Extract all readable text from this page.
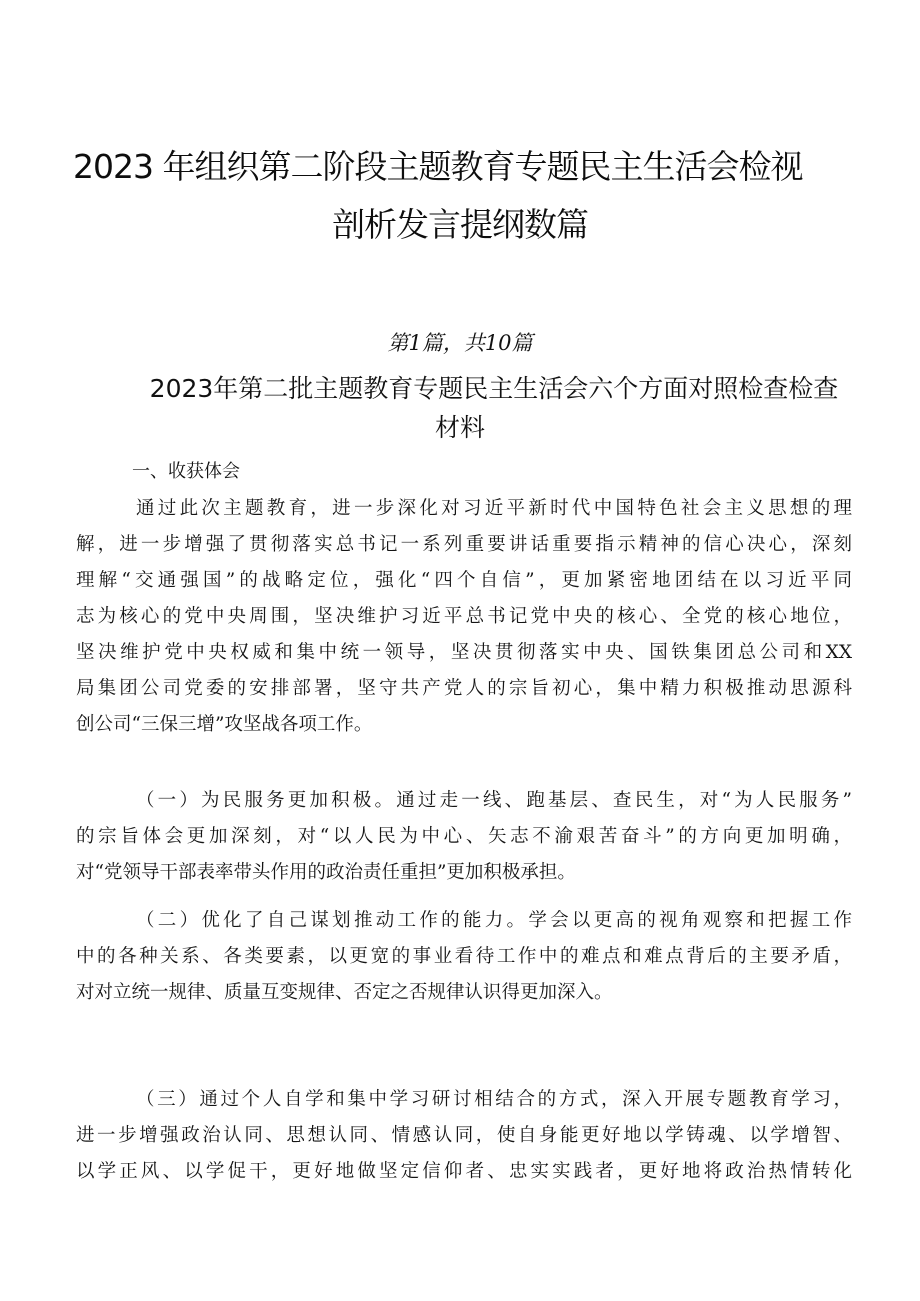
2023 年组织第二阶段主题教育专题民主生活会检视
剖析发言提纲数篇
第1篇，共10篇
2023年第二批主题教育专题民主生活会六个方面对照检查检查
材料
一、收获体会
通过此次主题教育，进一步深化对习近平新时代中国特色社会主义思想的理
解，进一步增强了贯彻落实总书记一系列重要讲话重要指示精神的信心决心，深刻
理解“交通强国”的战略定位，强化“四个自信”，更加紧密地团结在以习近平同
志为核心的党中央周围，坚决维护习近平总书记党中央的核心、全党的核心地位，
坚决维护党中央权威和集中统一领导，坚决贯彻落实中央、国铁集团总公司和XX
局集团公司党委的安排部署，坚守共产党人的宗旨初心，集中精力积极推动思源科
创公司“三保三增”攻坚战各项工作。
（一）为民服务更加积极。通过走一线、跑基层、查民生，对“为人民服务”
的宗旨体会更加深刻，对“以人民为中心、矢志不渝艰苦奋斗”的方向更加明确，
对“党领导干部表率带头作用的政治责任重担”更加积极承担。
（二）优化了自己谋划推动工作的能力。学会以更高的视角观察和把握工作
中的各种关系、各类要素，以更宽的事业看待工作中的难点和难点背后的主要矛盾，
对对立统一规律、质量互变规律、否定之否规律认识得更加深入。
（三）通过个人自学和集中学习研讨相结合的方式，深入开展专题教育学习，
进一步增强政治认同、思想认同、情感认同，使自身能更好地以学铸魂、以学增智、
以学正风、以学促干，更好地做坚定信仰者、忠实实践者，更好地将政治热情转化
